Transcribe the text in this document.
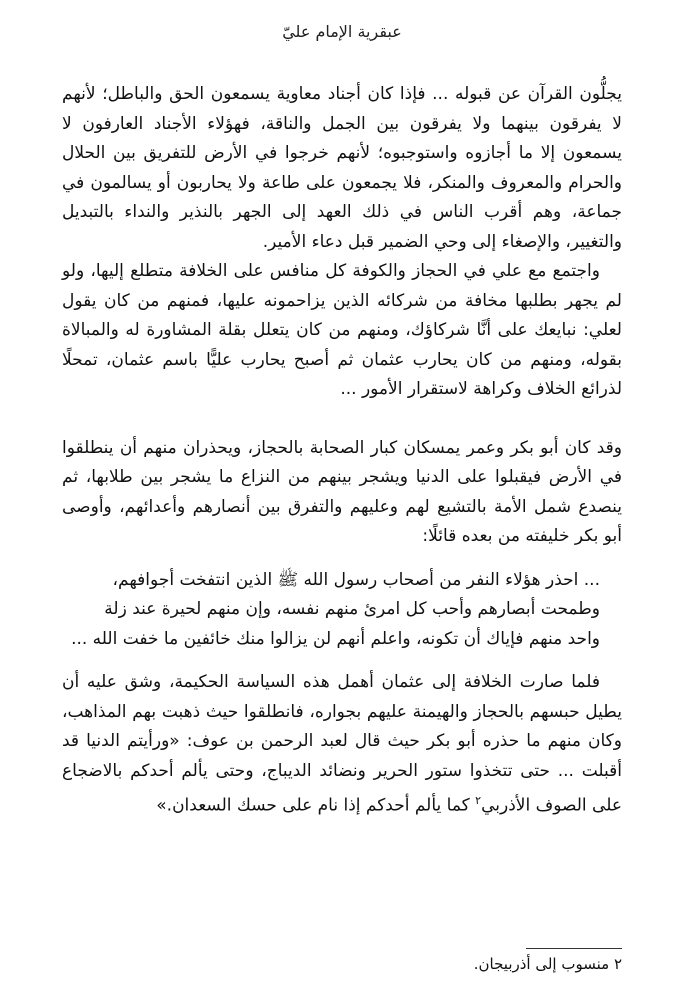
عبقرية الإمام عليّ

يجلُّون القرآن عن قبوله ... فإذا كان أجناد معاوية يسمعون الحق والباطل؛ لأنهم لا يفرقون بينهما ولا يفرقون بين الجمل والناقة، فهؤلاء الأجناد العارفون لا يسمعون إلا ما أجازوه واستوجبوه؛ لأنهم خرجوا في الأرض للتفريق بين الحلال والحرام والمعروف والمنكر، فلا يجمعون على طاعة ولا يحاربون أو يسالمون في جماعة، وهم أقرب الناس في ذلك العهد إلى الجهر بالنذير والنداء بالتبديل والتغيير، والإصغاء إلى وحي الضمير قبل دعاء الأمير.

واجتمع مع علي في الحجاز والكوفة كل منافس على الخلافة متطلع إليها، ولو لم يجهر بطلبها مخافة من شركائه الذين يزاحمونه عليها، فمنهم من كان يقول لعلي: نبايعك على أنَّا شركاؤك، ومنهم من كان يتعلل بقلة المشاورة له والمبالاة بقوله، ومنهم من كان يحارب عثمان ثم أصبح يحارب عليًّا باسم عثمان، تمحلًا لذرائع الخلاف وكراهة لاستقرار الأمور ...

وقد كان أبو بكر وعمر يمسكان كبار الصحابة بالحجاز، ويحذران منهم أن ينطلقوا في الأرض فيقبلوا على الدنيا ويشجر بينهم من النزاع ما يشجر بين طلابها، ثم ينصدع شمل الأمة بالتشيع لهم وعليهم والتفرق بين أنصارهم وأعدائهم، وأوصى أبو بكر خليفته من بعده قائلًا:

... احذر هؤلاء النفر من أصحاب رسول الله ﷺ الذين انتفخت أجوافهم،
وطمحت أبصارهم وأحب كل امرئ منهم نفسه، وإن منهم لحيرة عند زلة
واحد منهم فإياك أن تكونه، واعلم أنهم لن يزالوا منك خائفين ما خفت الله ...

فلما صارت الخلافة إلى عثمان أهمل هذه السياسة الحكيمة، وشق عليه أن يطيل حبسهم بالحجاز والهيمنة عليهم بجواره، فانطلقوا حيث ذهبت بهم المذاهب، وكان منهم ما حذره أبو بكر حيث قال لعبد الرحمن بن عوف: «ورأيتم الدنيا قد أقبلت ... حتى تتخذوا ستور الحرير ونضائد الديباج، وحتى يألم أحدكم بالاضجاع على الصوف الأذربي$^٢$ كما يألم أحدكم إذا نام على حسك السعدان.»

٢ منسوب إلى أذربيجان.
